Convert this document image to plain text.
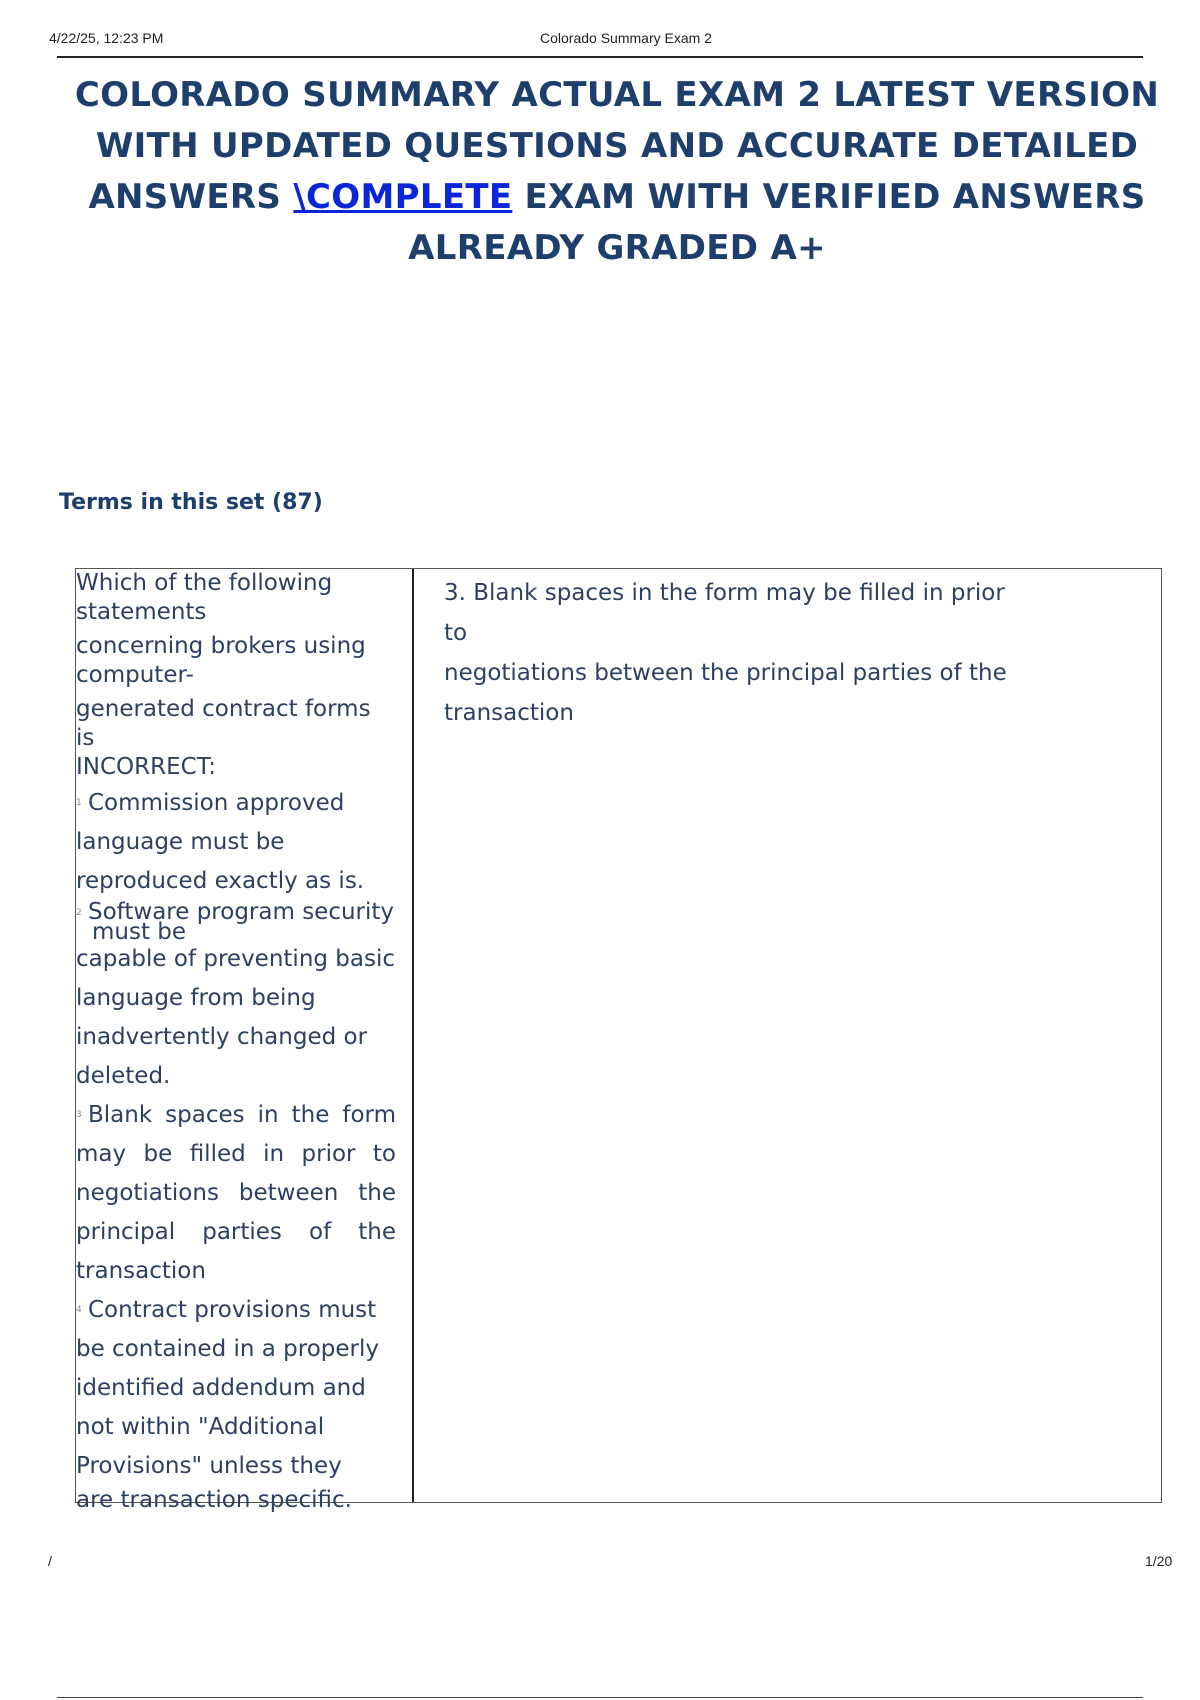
4/22/25, 12:23 PM	Colorado Summary Exam 2
COLORADO SUMMARY ACTUAL EXAM 2 LATEST VERSION WITH UPDATED QUESTIONS AND ACCURATE DETAILED ANSWERS \COMPLETE EXAM WITH VERIFIED ANSWERS ALREADY GRADED A+
Terms in this set (87)
Which of the following
statements
concerning brokers using
computer-
generated contract forms is
INCORRECT:
1 Commission approved
language must be
reproduced exactly as is.
2 Software program security
must be
capable of preventing basic
language from being
inadvertently changed or
deleted.
3 Blank spaces in the form
may be filled in prior to
negotiations between the
principal parties of the
transaction
4 Contract provisions must
be contained in a properly
identified addendum and
not within "Additional
Provisions" unless they
are transaction specific.
3. Blank spaces in the form may be filled in prior to
negotiations between the principal parties of the
transaction
/	1/20
